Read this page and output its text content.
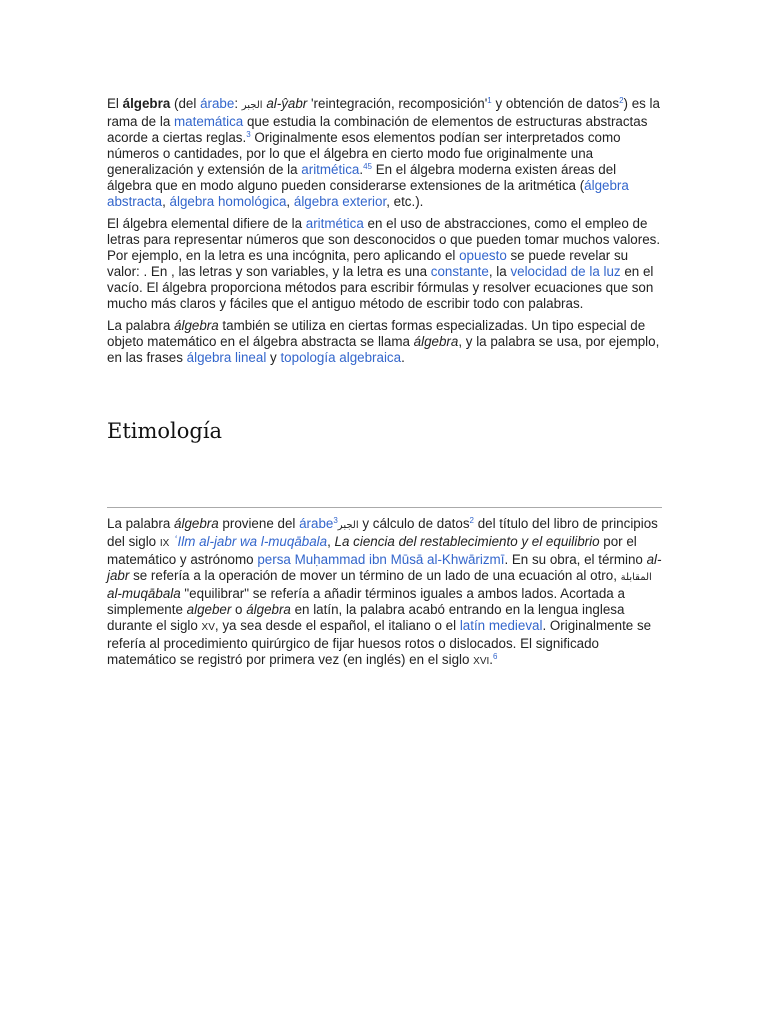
El álgebra (del árabe: الجبر al-ŷabr 'reintegración, $recomposición'^1$ y obtención de datos$^2$) es la rama de la matemática que estudia la combinación de elementos de estructuras abstractas acorde a ciertas reglas.$^3$ Originalmente esos elementos podían ser interpretados como números o cantidades, por lo que el álgebra en cierto modo fue originalmente una generalización y extensión de la aritmética.$^{45}$ En el álgebra moderna existen áreas del álgebra que en modo alguno pueden considerarse extensiones de la aritmética (álgebra abstracta, álgebra homológica, álgebra exterior, etc.).

El álgebra elemental difiere de la aritmética en el uso de abstracciones, como el empleo de letras para representar números que son desconocidos o que pueden tomar muchos valores. Por ejemplo, en la letra es una incógnita, pero aplicando el opuesto se puede revelar su valor: . En , las letras y son variables, y la letra es una constante, la velocidad de la luz en el vacío. El álgebra proporciona métodos para escribir fórmulas y resolver ecuaciones que son mucho más claros y fáciles que el antiguo método de escribir todo con palabras.

La palabra álgebra también se utiliza en ciertas formas especializadas. Un tipo especial de objeto matemático en el álgebra abstracta se llama álgebra, y la palabra se usa, por ejemplo, en las frases álgebra lineal y topología algebraica.

Etimología

La palabra álgebra proviene del árabe$^3$الجبر y cálculo de datos$^2$ del título del libro de principios del siglo IX ʿIlm al-jabr wa l-muqābala, La ciencia del restablecimiento y el equilibrio por el matemático y astrónomo persa Muḥammad ibn Mūsā al-Khwārizmī. En su obra, el término al-jabr se refería a la operación de mover un término de un lado de una ecuación al otro, المقابلة al-muqābala "equilibrar" se refería a añadir términos iguales a ambos lados. Acortada a simplemente algeber o álgebra en latín, la palabra acabó entrando en la lengua inglesa durante el siglo XV, ya sea desde el español, el italiano o el latín medieval. Originalmente se refería al procedimiento quirúrgico de fijar huesos rotos o dislocados. El significado matemático se registró por primera vez (en inglés) en el siglo XVI.$^6$
